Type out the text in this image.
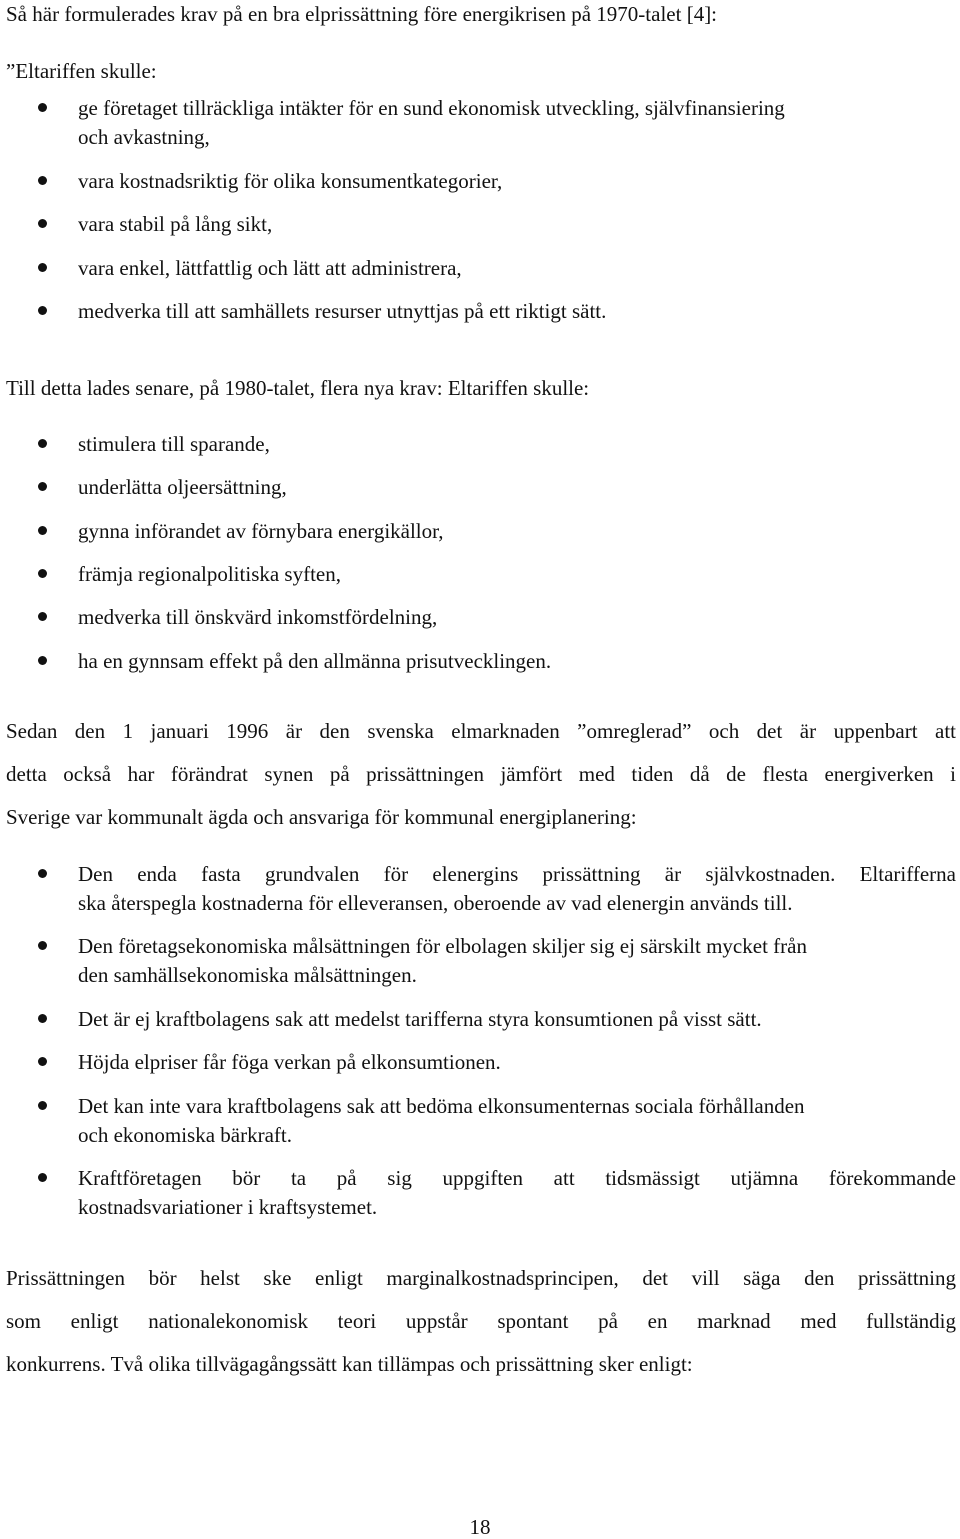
Så här formulerades krav på en bra elprissättning före energikrisen på 1970-talet [4]:
”Eltariffen skulle:
ge företaget tillräckliga intäkter för en sund ekonomisk utveckling, självfinansiering
och avkastning,
vara kostnadsriktig för olika konsumentkategorier,
vara stabil på lång sikt,
vara enkel, lättfattlig och lätt att administrera,
medverka till att samhällets resurser utnyttjas på ett riktigt sätt.
Till detta lades senare, på 1980-talet, flera nya krav: Eltariffen skulle:
stimulera till sparande,
underlätta oljeersättning,
gynna införandet av förnybara energikällor,
främja regionalpolitiska syften,
medverka till önskvärd inkomstfördelning,
ha en gynnsam effekt på den allmänna prisutvecklingen.
Sedan den 1 januari 1996 är den svenska elmarknaden ”omreglerad” och det är uppenbart att
detta också har förändrat synen på prissättningen jämfört med tiden då de flesta energiverken i
Sverige var kommunalt ägda och ansvariga för kommunal energiplanering:
Den enda fasta grundvalen för elenergins prissättning är självkostnaden. Eltarifferna
ska återspegla kostnaderna för elleveransen, oberoende av vad elenergin används till.
Den företagsekonomiska målsättningen för elbolagen skiljer sig ej särskilt mycket från
den samhällsekonomiska målsättningen.
Det är ej kraftbolagens sak att medelst tarifferna styra konsumtionen på visst sätt.
Höjda elpriser får föga verkan på elkonsumtionen.
Det kan inte vara kraftbolagens sak att bedöma elkonsumenternas sociala förhållanden
och ekonomiska bärkraft.
Kraftföretagen bör ta på sig uppgiften att tidsmässigt utjämna förekommande
kostnadsvariationer i kraftsystemet.
Prissättningen bör helst ske enligt marginalkostnadsprincipen, det vill säga den prissättning
som enligt nationalekonomisk teori uppstår spontant på en marknad med fullständig
konkurrens. Två olika tillvägagångssätt kan tillämpas och prissättning sker enligt:
18
